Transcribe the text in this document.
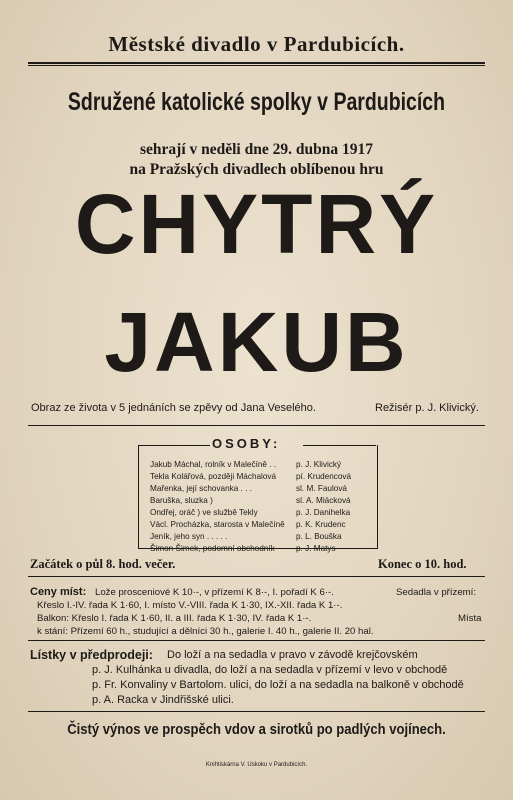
Městské divadlo v Pardubicích.
Sdružené katolické spolky v Pardubicích
sehrají v neděli dne 29. dubna 1917
na Pražských divadlech oblíbenou hru
CHYTRÝ
JAKUB
Obraz ze života v 5 jednáních se zpěvy od Jana Veselého.	Režisér p. J. Klivický.
OSOBY:
Jakub Máchal, rolník v Malečíně . . p. J. Klivický
Tekla Kolářová, později Máchalová pí. Krudencová
Mařenka, její schovanka . . .	sl. M. Faulová
Baruška, sluzka )	sl. A. Miácková
Ondřej, oráč ) ve službě Tekly	p. J. Danihelka
Václ. Procházka, starosta v Malečíně p. K. Krudenc
Jeník, jeho syn . . . . .	p. L. Bouška
Šimon Šimek, podomní obchodník	p. J. Matys
Začátek o půl 8. hod. večer.	Konec o 10. hod.
Ceny míst: Lože prosceniové K 10·-, v přízemí K 8·-, I. pořadí K 6·-.	Sedadla v přízemí:
Křeslo I.-IV. řada K 1·60, I. místo V.-VIII. řada K 1·30, IX.-XII. řada K 1·-.
Balkon: Křeslo I. řada K 1·60, II. a III. řada K 1·30, IV. řada K 1·-.	Místa
k stání: Přízemí 60 h., studující a dělníci 30 h., galerie I. 40 h., galerie II. 20 hal.
Lístky v předprodeji: Do loží a na sedadla v pravo v závodě krejčovském
p. J. Kulhánka u divadla, do loží a na sedadla v přízemí v levo v obchodě
p. Fr. Konvaliny v Bartolom. ulici, do loží a na sedadla na balkoně v obchodě
p. A. Racka v Jindřišské ulici.
Čistý výnos ve prospěch vdov a sirotků po padlých vojínech.
Knihtiskárna V. Uskoku v Pardubicích.
